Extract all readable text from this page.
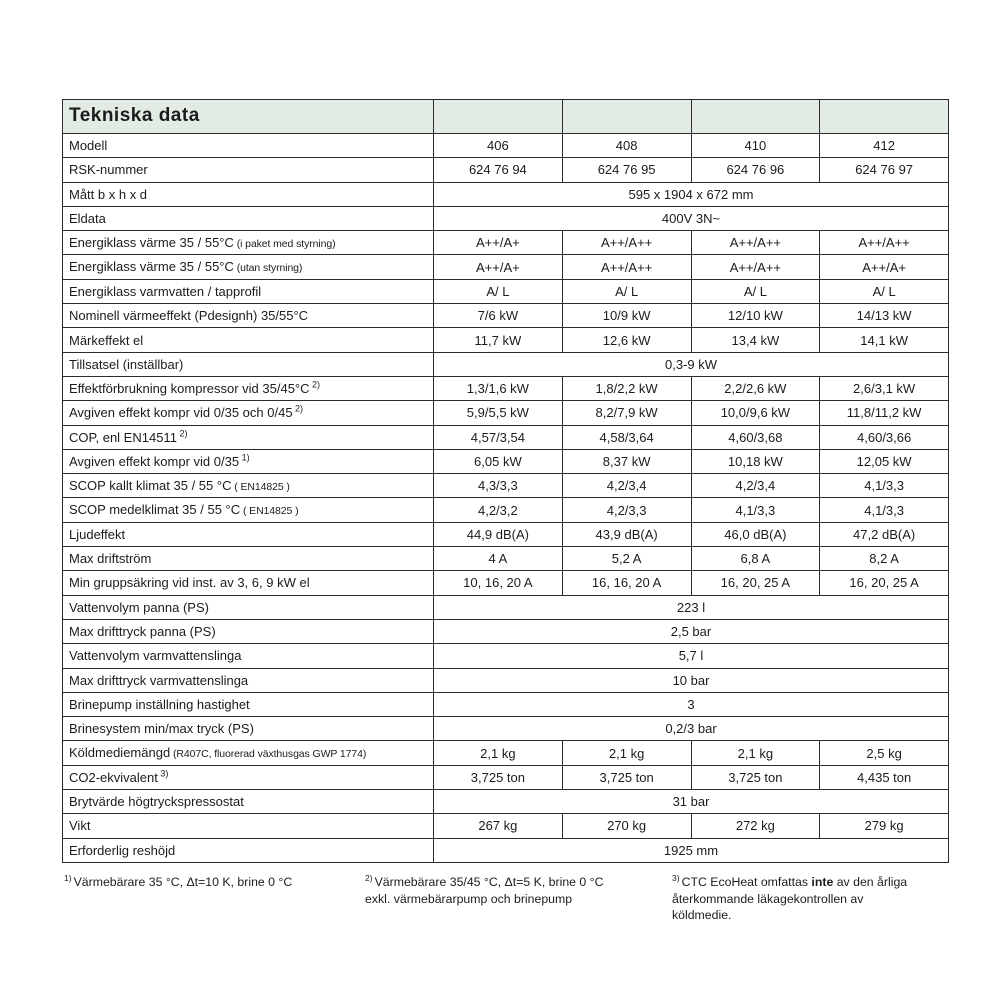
Tekniska data				
Modell	406	408	410	412
RSK-nummer	624 76 94	624 76 95	624 76 96	624 76 97
Mått b x h x d	595 x 1904 x 672 mm			
Eldata	400V 3N~			
Energiklass värme 35 / 55°C (i paket med styrning)	A++/A+	A++/A++	A++/A++	A++/A++
Energiklass värme 35 / 55°C (utan styrning)	A++/A+	A++/A++	A++/A++	A++/A+
Energiklass varmvatten / tapprofil	A/ L	A/ L	A/ L	A/ L
Nominell värmeeffekt (Pdesignh) 35/55°C	7/6 kW	10/9 kW	12/10 kW	14/13 kW
Märkeffekt el	11,7 kW	12,6 kW	13,4 kW	14,1 kW
Tillsatsel (inställbar)	0,3-9 kW			
Effektförbrukning kompressor vid 35/45°C $^{2)}$	1,3/1,6 kW	1,8/2,2 kW	2,2/2,6 kW	2,6/3,1 kW
Avgiven effekt kompr vid 0/35 och 0/45 $^{2)}$	5,9/5,5 kW	8,2/7,9 kW	10,0/9,6 kW	11,8/11,2 kW
COP, enl EN14511 $^{2)}$	4,57/3,54	4,58/3,64	4,60/3,68	4,60/3,66
Avgiven effekt kompr vid 0/35 $^{1)}$	6,05 kW	8,37 kW	10,18 kW	12,05 kW
SCOP kallt klimat 35 / 55 °C ( EN14825 )	4,3/3,3	4,2/3,4	4,2/3,4	4,1/3,3
SCOP medelklimat 35 / 55 °C ( EN14825 )	4,2/3,2	4,2/3,3	4,1/3,3	4,1/3,3
Ljudeffekt	44,9 dB(A)	43,9 dB(A)	46,0 dB(A)	47,2 dB(A)
Max driftström	4 A	5,2 A	6,8 A	8,2 A
Min gruppsäkring vid inst. av 3, 6, 9 kW el	10, 16, 20 A	16, 16, 20 A	16, 20, 25 A	16, 20, 25 A
Vattenvolym panna (PS)	223 l			
Max drifttryck panna (PS)	2,5 bar			
Vattenvolym varmvattenslinga	5,7 l			
Max drifttryck varmvattenslinga	10 bar			
Brinepump inställning hastighet	3			
Brinesystem min/max tryck (PS)	0,2/3 bar			
Köldmediemängd (R407C, fluorerad växthusgas GWP 1774)	2,1 kg	2,1 kg	2,1 kg	2,5 kg
CO2-ekvivalent $^{3)}$	3,725 ton	3,725 ton	3,725 ton	4,435 ton
Brytvärde högtryckspressostat	31 bar			
Vikt	267 kg	270 kg	272 kg	279 kg
Erforderlig reshöjd	1925 mm			
$^{1)}$ Värmebärare 35 °C, Δt=10 K, brine 0 °C	$^{2)}$ Värmebärare 35/45 °C, Δt=5 K, brine 0 °C
exkl. värmebärarpump och brinepump
$^{3)}$ CTC EcoHeat omfattas inte av den årliga återkommande läkagekontrollen av köldmedie.
